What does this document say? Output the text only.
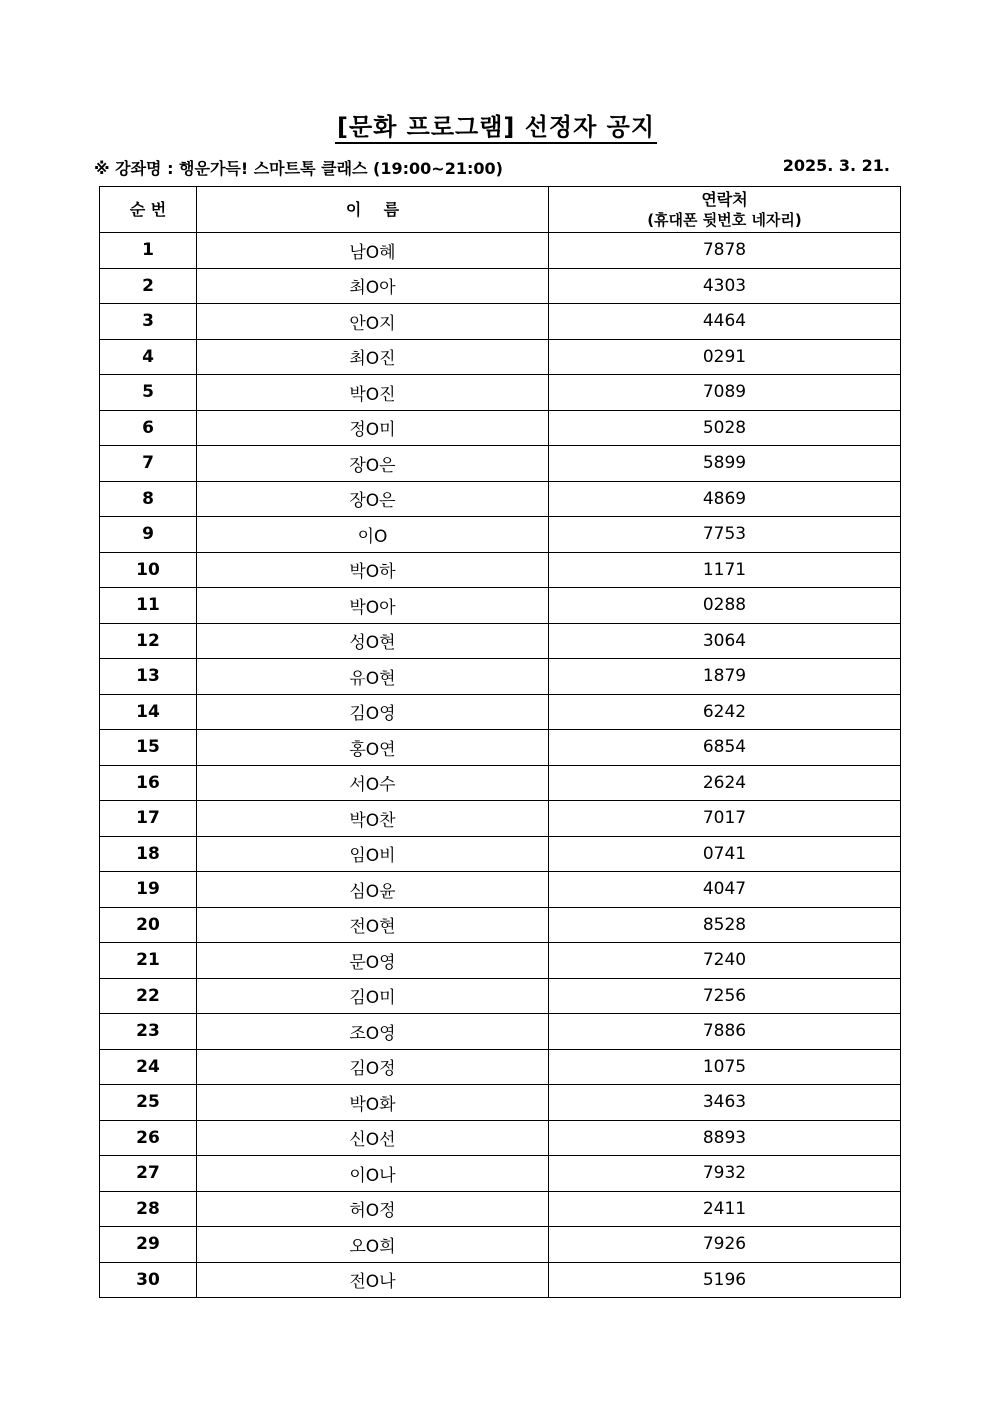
[문화 프로그램] 선정자 공지
※ 강좌명 : 행운가득! 스마트톡 클래스 (19:00~21:00)	2025. 3. 21.
순 번	이    름	연락처
(휴대폰 뒷번호 네자리)

1	남O혜	7878
2	최O아	4303
3	안O지	4464
4	최O진	0291
5	박O진	7089
6	정O미	5028
7	장O은	5899
8	장O은	4869
9	이O	7753
10	박O하	1171
11	박O아	0288
12	성O현	3064
13	유O현	1879
14	김O영	6242
15	홍O연	6854
16	서O수	2624
17	박O찬	7017
18	임O비	0741
19	심O윤	4047
20	전O현	8528
21	문O영	7240
22	김O미	7256
23	조O영	7886
24	김O정	1075
25	박O화	3463
26	신O선	8893
27	이O나	7932
28	허O정	2411
29	오O희	7926
30	전O나	5196
